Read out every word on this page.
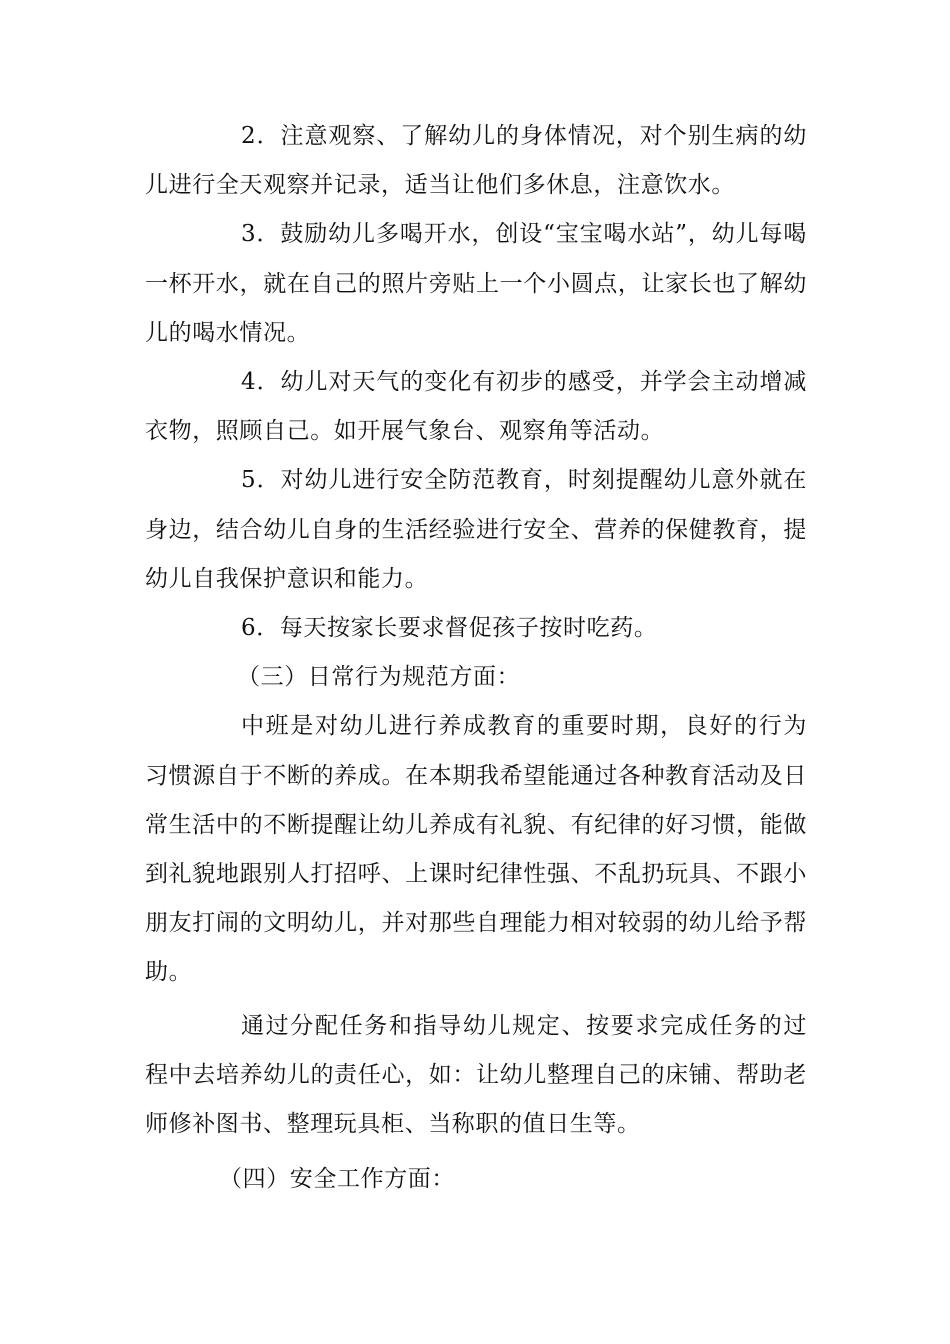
2．注意观察、了解幼儿的身体情况，对个别生病的幼儿进行全天观察并记录，适当让他们多休息，注意饮水。

3．鼓励幼儿多喝开水，创设“宝宝喝水站”，幼儿每喝一杯开水，就在自己的照片旁贴上一个小圆点，让家长也了解幼儿的喝水情况。

4．幼儿对天气的变化有初步的感受，并学会主动增减衣物，照顾自己。如开展气象台、观察角等活动。

5．对幼儿进行安全防范教育，时刻提醒幼儿意外就在身边，结合幼儿自身的生活经验进行安全、营养的保健教育，提幼儿自我保护意识和能力。

6．每天按家长要求督促孩子按时吃药。

（三）日常行为规范方面：

中班是对幼儿进行养成教育的重要时期，良好的行为习惯源自于不断的养成。在本期我希望能通过各种教育活动及日常生活中的不断提醒让幼儿养成有礼貌、有纪律的好习惯，能做到礼貌地跟别人打招呼、上课时纪律性强、不乱扔玩具、不跟小朋友打闹的文明幼儿，并对那些自理能力相对较弱的幼儿给予帮助。

通过分配任务和指导幼儿规定、按要求完成任务的过程中去培养幼儿的责任心，如：让幼儿整理自己的床铺、帮助老师修补图书、整理玩具柜、当称职的值日生等。

（四）安全工作方面：
